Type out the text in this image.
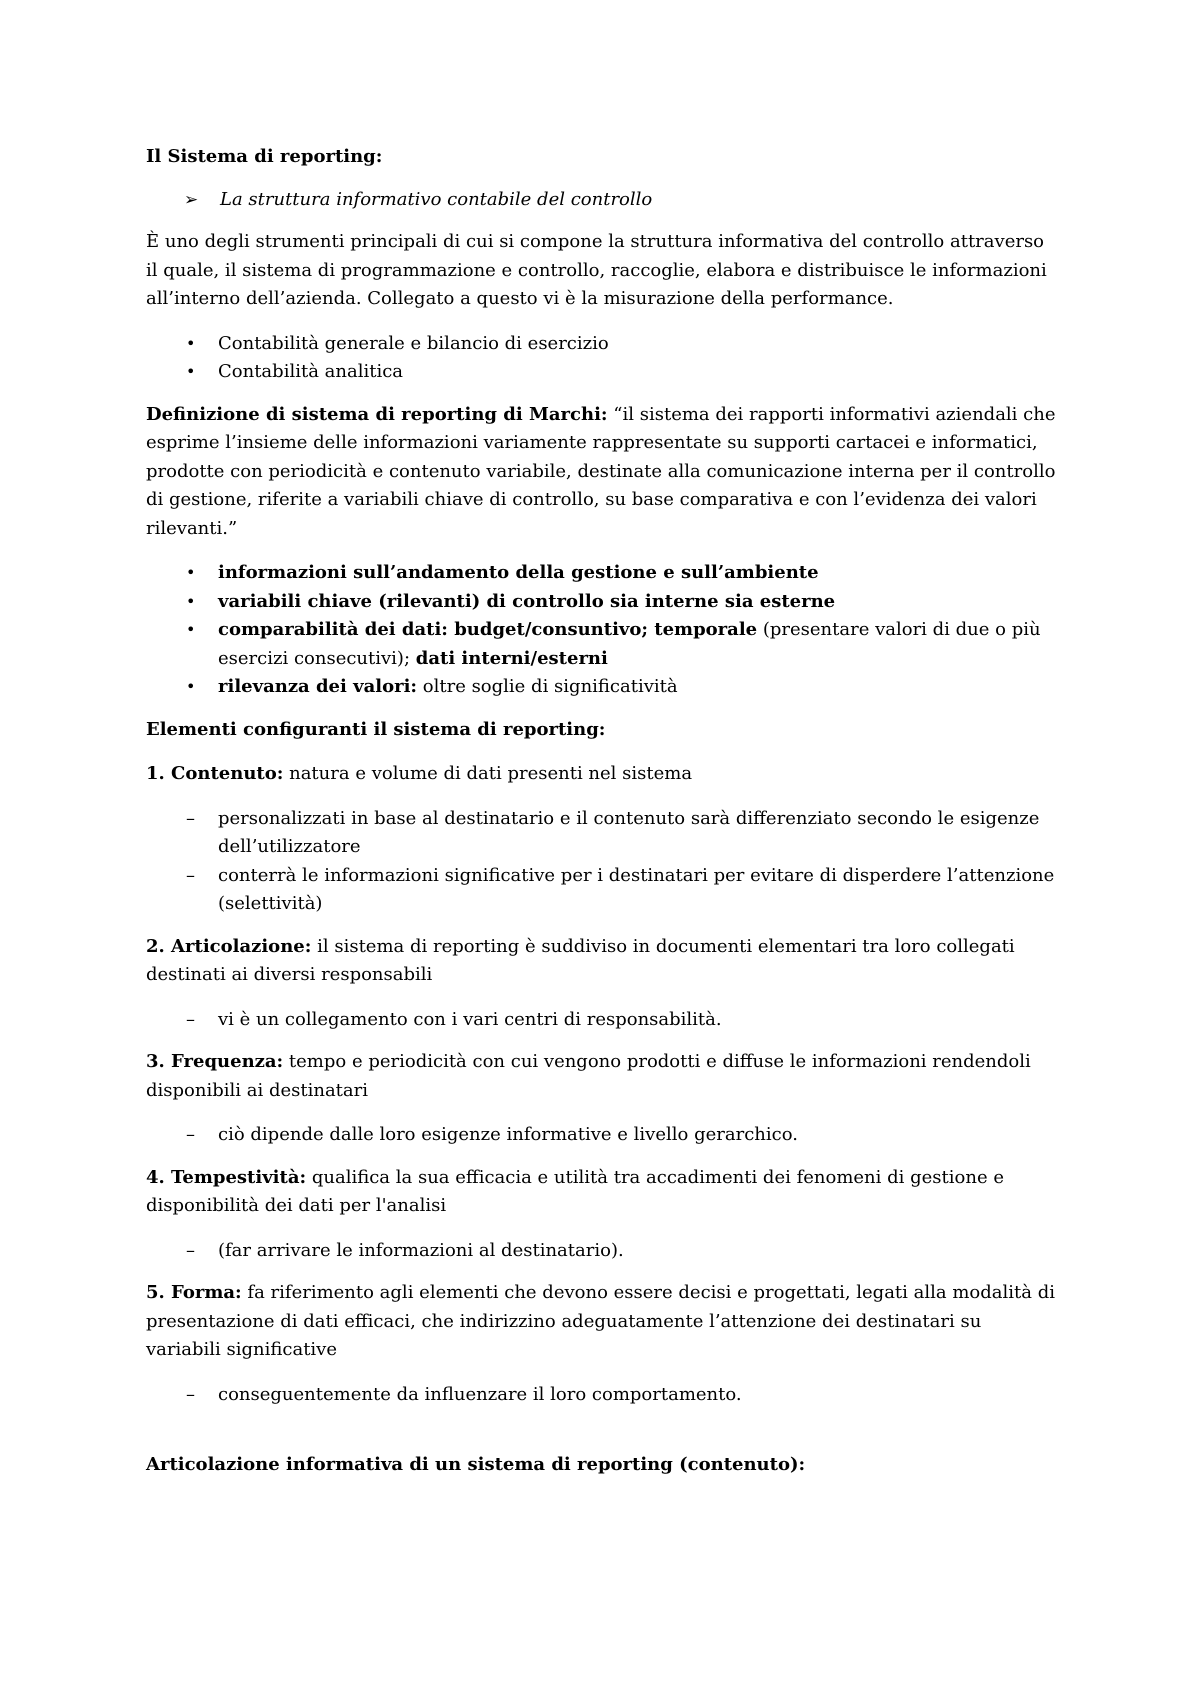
Il Sistema di reporting:

➢	La struttura informativo contabile del controllo

È uno degli strumenti principali di cui si compone la struttura informativa del controllo attraverso il quale, il sistema di programmazione e controllo, raccoglie, elabora e distribuisce le informazioni all’interno dell’azienda. Collegato a questo vi è la misurazione della performance.

•	Contabilità generale e bilancio di esercizio
•	Contabilità analitica

Definizione di sistema di reporting di Marchi: “il sistema dei rapporti informativi aziendali che esprime l’insieme delle informazioni variamente rappresentate su supporti cartacei e informatici, prodotte con periodicità e contenuto variabile, destinate alla comunicazione interna per il controllo di gestione, riferite a variabili chiave di controllo, su base comparativa e con l’evidenza dei valori rilevanti.”

•	informazioni sull’andamento della gestione e sull’ambiente
•	variabili chiave (rilevanti) di controllo sia interne sia esterne
•	comparabilità dei dati: budget/consuntivo; temporale (presentare valori di due o più esercizi consecutivi); dati interni/esterni
•	rilevanza dei valori: oltre soglie di significatività

Elementi configuranti il sistema di reporting:

1. Contenuto: natura e volume di dati presenti nel sistema

–	personalizzati in base al destinatario e il contenuto sarà differenziato secondo le esigenze dell’utilizzatore
–	conterrà le informazioni significative per i destinatari per evitare di disperdere l’attenzione (selettività)

2. Articolazione: il sistema di reporting è suddiviso in documenti elementari tra loro collegati destinati ai diversi responsabili

–	vi è un collegamento con i vari centri di responsabilità.

3. Frequenza: tempo e periodicità con cui vengono prodotti e diffuse le informazioni rendendoli disponibili ai destinatari

–	ciò dipende dalle loro esigenze informative e livello gerarchico.

4. Tempestività: qualifica la sua efficacia e utilità tra accadimenti dei fenomeni di gestione e disponibilità dei dati per l'analisi

–	(far arrivare le informazioni al destinatario).

5. Forma: fa riferimento agli elementi che devono essere decisi e progettati, legati alla modalità di presentazione di dati efficaci, che indirizzino adeguatamente l’attenzione dei destinatari su variabili significative

–	conseguentemente da influenzare il loro comportamento.

Articolazione informativa di un sistema di reporting (contenuto):
